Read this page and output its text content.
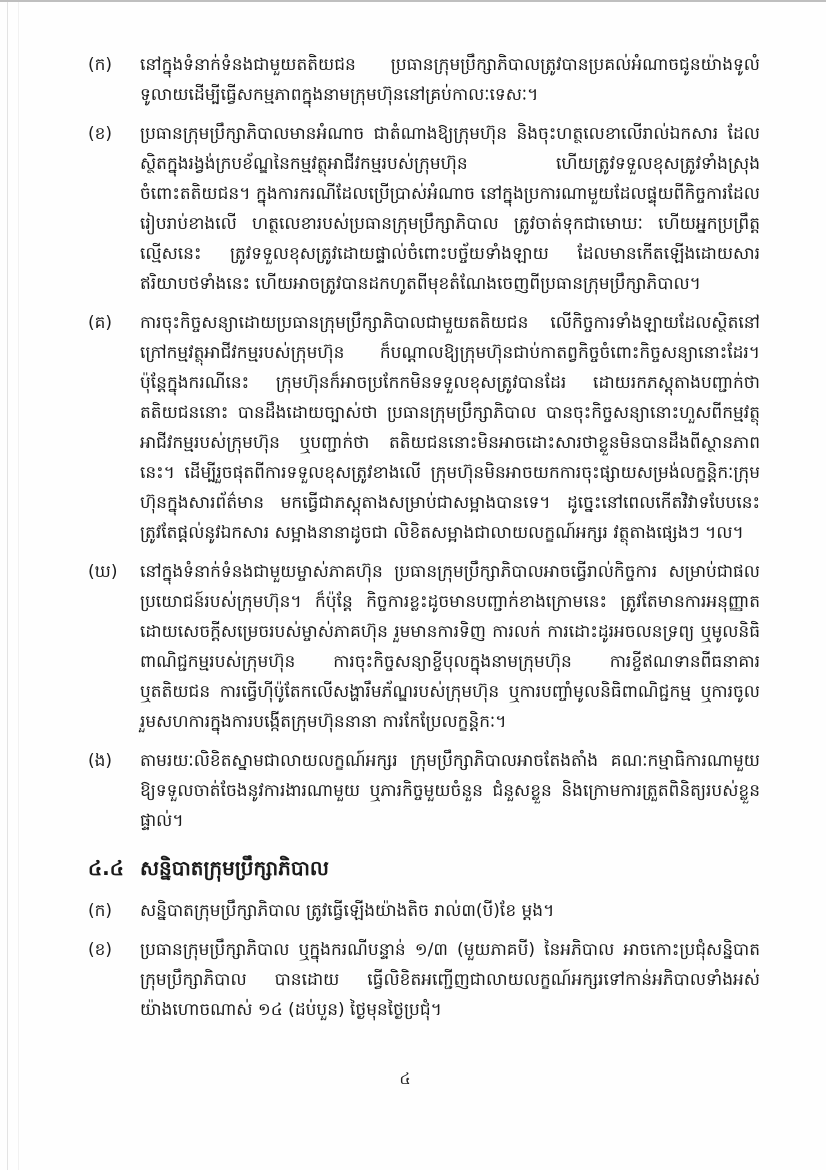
(ក)	នៅក្នុងទំនាក់ទំនងជាមួយតតិយជន ប្រធានក្រុមប្រឹក្សាភិបាលត្រូវបានប្រគល់អំណាចជូនយ៉ាងទូលំទូលាយដើម្បីធ្វើសកម្មភាពក្នុងនាមក្រុមហ៊ុននៅគ្រប់កាលៈទេសៈ។

(ខ)	ប្រធានក្រុមប្រឹក្សាភិបាលមានអំណាច ជាតំណាងឱ្យក្រុមហ៊ុន និងចុះហត្ថលេខាលើរាល់ឯកសារ ដែលស្ថិតក្នុងរង្វង់ក្របខ័ណ្ឌនៃកម្មវត្ថុអាជីវកម្មរបស់ក្រុមហ៊ុន ហើយត្រូវទទួលខុសត្រូវទាំងស្រុងចំពោះតតិយជន។ ក្នុងការករណីដែលប្រើប្រាស់អំណាច នៅក្នុងប្រការណាមួយដែលផ្ទុយពីកិច្ចការដែលរៀបរាប់ខាងលើ ហត្ថលេខារបស់ប្រធានក្រុមប្រឹក្សាភិបាល ត្រូវចាត់ទុកជាមោឃៈ ហើយអ្នកប្រព្រឹត្តល្មើសនេះ ត្រូវទទួលខុសត្រូវដោយផ្ទាល់ចំពោះបច្ច័យទាំងឡាយ ដែលមានកើតឡើងដោយសារឥរិយាបថទាំងនេះ ហើយអាចត្រូវបានដកហូតពីមុខតំណែងចេញពីប្រធានក្រុមប្រឹក្សាភិបាល។

(គ)	ការចុះកិច្ចសន្យាដោយប្រធានក្រុមប្រឹក្សាភិបាលជាមួយតតិយជន លើកិច្ចការទាំងឡាយដែលស្ថិតនៅក្រៅកម្មវត្ថុអាជីវកម្មរបស់ក្រុមហ៊ុន ក៏បណ្ដាលឱ្យក្រុមហ៊ុនជាប់កាតព្វកិច្ចចំពោះកិច្ចសន្យានោះដែរ។ ប៉ុន្តែក្នុងករណីនេះ ក្រុមហ៊ុនក៏អាចប្រកែកមិនទទួលខុសត្រូវបានដែរ ដោយរកភស្តុតាងបញ្ជាក់ថា តតិយជននោះ បានដឹងដោយច្បាស់ថា ប្រធានក្រុមប្រឹក្សាភិបាល បានចុះកិច្ចសន្យានោះហួសពីកម្មវត្ថុអាជីវកម្មរបស់ក្រុមហ៊ុន ឬបញ្ជាក់ថា តតិយជននោះមិនអាចដោះសារថាខ្លួនមិនបានដឹងពីស្ថានភាពនេះ។ ដើម្បីរួចផុតពីការទទួលខុសត្រូវខាងលើ ក្រុមហ៊ុនមិនអាចយកការចុះផ្សាយសម្រង់លក្ខន្តិកៈក្រុមហ៊ុនក្នុងសារព័ត៌មាន មកធ្វើជាភស្តុតាងសម្រាប់ជាសម្អាងបានទេ។ ដូច្នេះនៅពេលកើតវិវាទបែបនេះ ត្រូវតែផ្តល់នូវឯកសារ សម្អាងនានាដូចជា លិខិតសម្អាងជាលាយលក្ខណ៍អក្សរ វត្ថុតាងផ្សេងៗ ។ល។

(ឃ)	នៅក្នុងទំនាក់ទំនងជាមួយម្ចាស់ភាគហ៊ុន ប្រធានក្រុមប្រឹក្សាភិបាលអាចធ្វើរាល់កិច្ចការ សម្រាប់ជាផលប្រយោជន៍របស់ក្រុមហ៊ុន។ ក៏ប៉ុន្តែ កិច្ចការខ្លះដូចមានបញ្ជាក់ខាងក្រោមនេះ ត្រូវតែមានការអនុញ្ញាតដោយសេចក្តីសម្រេចរបស់ម្ចាស់ភាគហ៊ុន រួមមានការទិញ ការលក់ ការដោះដូរអចលនទ្រព្យ ឬមូលនិធិពាណិជ្ជកម្មរបស់ក្រុមហ៊ុន ការចុះកិច្ចសន្យាខ្ចីបុលក្នុងនាមក្រុមហ៊ុន ការខ្ចីឥណទានពីធនាគារ ឬតតិយជន ការធ្វើហ៊ីប៉ូតែកលើសង្ហារឹមភ័ណ្ឌរបស់ក្រុមហ៊ុន ឬការបញ្ចាំមូលនិធិពាណិជ្ជកម្ម ឬការចូលរួមសហការក្នុងការបង្កើតក្រុមហ៊ុននានា ការកែប្រែលក្ខន្តិកៈ។

(ង)	តាមរយៈលិខិតស្នាមជាលាយលក្ខណ៍អក្សរ ក្រុមប្រឹក្សាភិបាលអាចតែងតាំង គណៈកម្មាធិការណាមួយ ឱ្យទទួលចាត់ចែងនូវការងារណាមួយ ឬភារកិច្ចមួយចំនួន ជំនួសខ្លួន និងក្រោមការត្រួតពិនិត្យរបស់ខ្លួនផ្ទាល់។

៤.៤ សន្និបាតក្រុមប្រឹក្សាភិបាល
(ក)	សន្និបាតក្រុមប្រឹក្សាភិបាល ត្រូវធ្វើឡើងយ៉ាងតិច រាល់៣(បី)ខែ ម្តង។

(ខ)	ប្រធានក្រុមប្រឹក្សាភិបាល ឬក្នុងករណីបន្ទាន់ ១/៣ (មួយភាគបី) នៃអភិបាល អាចកោះប្រជុំសន្និបាតក្រុមប្រឹក្សាភិបាល បានដោយ ធ្វើលិខិតអញ្ជើញជាលាយលក្ខណ៍អក្សរទៅកាន់អភិបាលទាំងអស់ យ៉ាងហោចណាស់ ១៤ (ដប់បួន) ថ្ងៃមុនថ្ងៃប្រជុំ។

៤
